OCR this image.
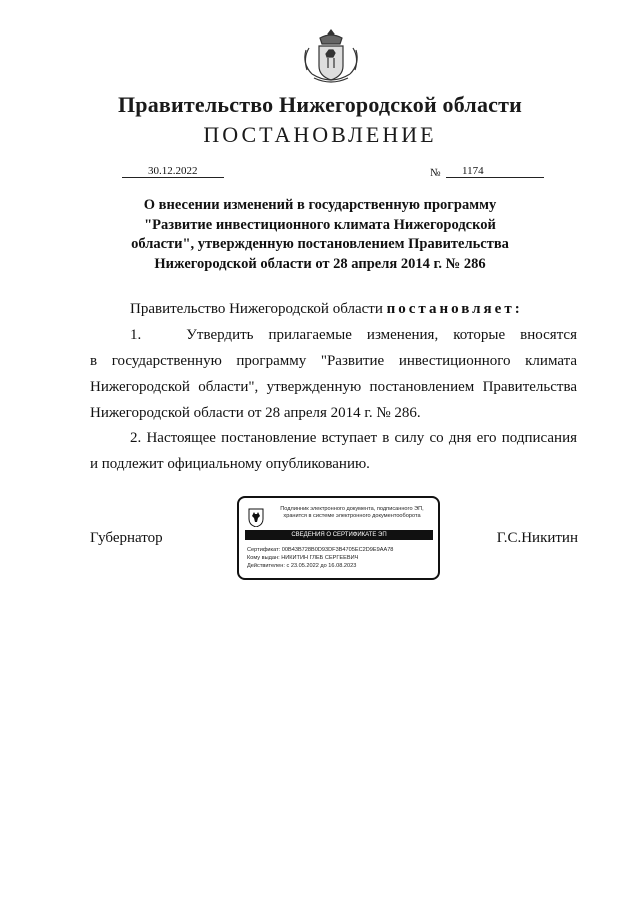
Правительство Нижегородской области
ПОСТАНОВЛЕНИЕ
30.12.2022	№	1174
О внесении изменений в государственную программу
"Развитие инвестиционного климата Нижегородской
области", утвержденную постановлением Правительства
Нижегородской области от 28 апреля 2014 г. № 286
Правительство Нижегородской области постановляет:
1.   Утвердить прилагаемые изменения, которые вносятся
в государственную программу "Развитие инвестиционного климата
Нижегородской области", утвержденную постановлением Правительства
Нижегородской области от 28 апреля 2014 г. № 286.
2. Настоящее постановление вступает в силу со дня его подписания
и подлежит официальному опубликованию.
Губернатор	Г.С.Никитин
Подлинник электронного документа, подписанного ЭП,
хранится в системе электронного документооборота
СВЕДЕНИЯ О СЕРТИФИКАТЕ ЭП
Сертификат: 00B43B728B0D93DF3B4705EC2D9E9AA78
Кому выдан: НИКИТИН ГЛЕБ СЕРГЕЕВИЧ
Действителен: с 23.05.2022 до 16.08.2023
